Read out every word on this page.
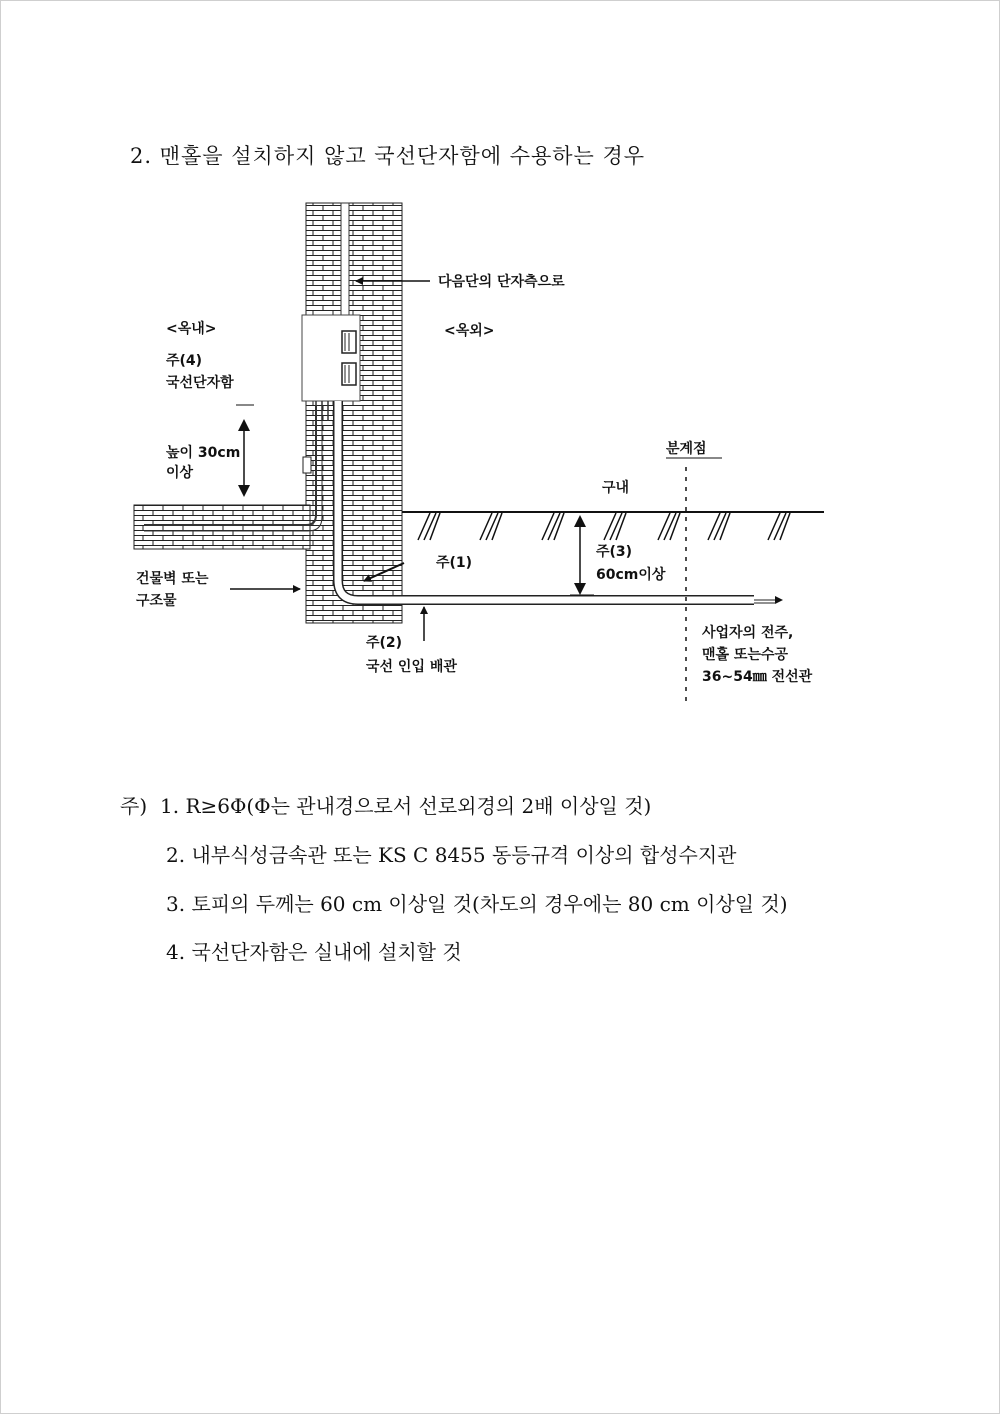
2. 맨홀을 설치하지 않고 국선단자함에 수용하는 경우
다음단의 단자측으로
<옥내>	<옥외>
주(4)
국선단자함
높이 30cm
이상
분계점
구내
주(1)
주(3)
60cm이상
건물벽 또는
구조물
주(2)
국선 인입 배관
사업자의 전주,
맨홀 또는수공
36~54㎜ 전선관
주) 1. R≥6Φ(Φ는 관내경으로서 선로외경의 2배 이상일 것)
2. 내부식성금속관 또는 KS C 8455 동등규격 이상의 합성수지관
3. 토피의 두께는 60 cm 이상일 것(차도의 경우에는 80 cm 이상일 것)
4. 국선단자함은 실내에 설치할 것
